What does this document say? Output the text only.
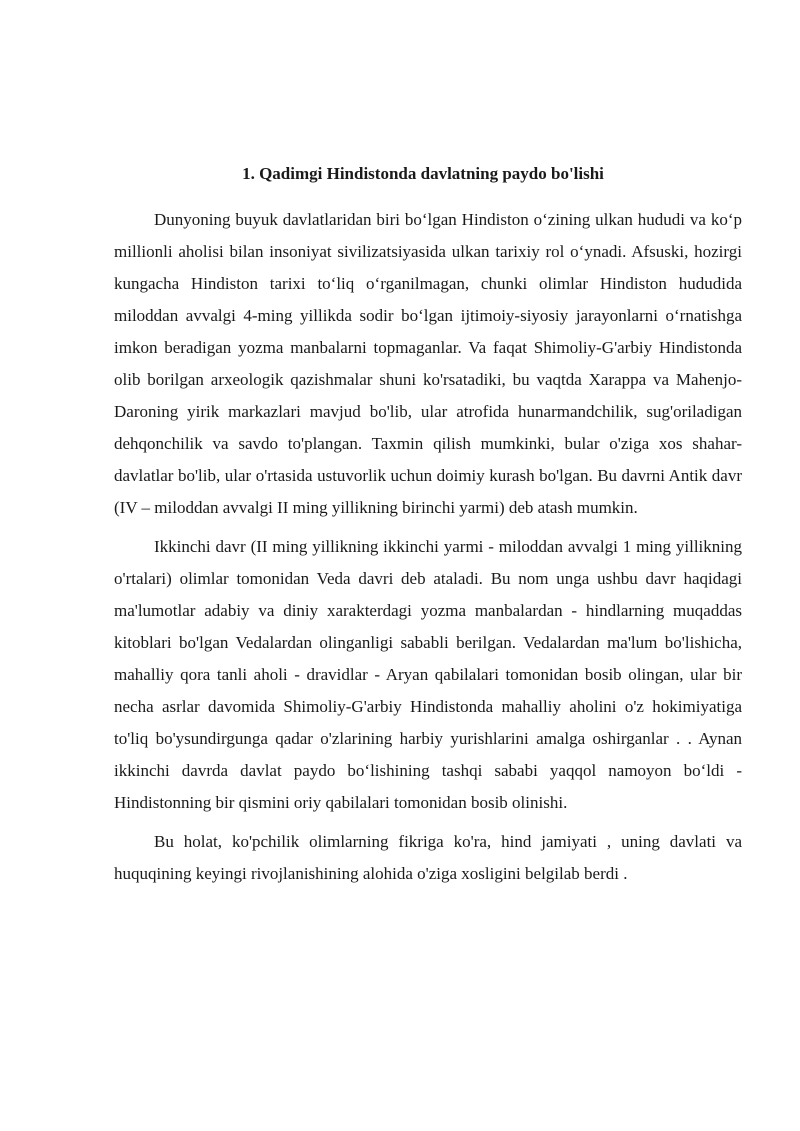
1. Qadimgi Hindistonda davlatning paydo bo'lishi

Dunyoning buyuk davlatlaridan biri bo‘lgan Hindiston o‘zining ulkan hududi va ko‘p millionli aholisi bilan insoniyat sivilizatsiyasida ulkan tarixiy rol o‘ynadi. Afsuski, hozirgi kungacha Hindiston tarixi to‘liq o‘rganilmagan, chunki olimlar Hindiston hududida miloddan avvalgi 4-ming yillikda sodir bo‘lgan ijtimoiy-siyosiy jarayonlarni o‘rnatishga imkon beradigan yozma manbalarni topmaganlar. Va faqat Shimoliy-G'arbiy Hindistonda olib borilgan arxeologik qazishmalar shuni ko'rsatadiki, bu vaqtda Xarappa va Mahenjo-Daroning yirik markazlari mavjud bo'lib, ular atrofida hunarmandchilik, sug'oriladigan dehqonchilik va savdo to'plangan. Taxmin qilish mumkinki, bular o'ziga xos shahar-davlatlar bo'lib, ular o'rtasida ustuvorlik uchun doimiy kurash bo'lgan. Bu davrni Antik davr (IV – miloddan avvalgi II ming yillikning birinchi yarmi) deb atash mumkin.

Ikkinchi davr (II ming yillikning ikkinchi yarmi - miloddan avvalgi 1 ming yillikning o'rtalari) olimlar tomonidan Veda davri deb ataladi. Bu nom unga ushbu davr haqidagi ma'lumotlar adabiy va diniy xarakterdagi yozma manbalardan - hindlarning muqaddas kitoblari bo'lgan Vedalardan olinganligi sababli berilgan. Vedalardan ma'lum bo'lishicha, mahalliy qora tanli aholi - dravidlar - Aryan qabilalari tomonidan bosib olingan, ular bir necha asrlar davomida Shimoliy-G'arbiy Hindistonda mahalliy aholini o'z hokimiyatiga to'liq bo'ysundirgunga qadar o'zlarining harbiy yurishlarini amalga oshirganlar . . Aynan ikkinchi davrda davlat paydo bo‘lishining tashqi sababi yaqqol namoyon bo‘ldi - Hindistonning bir qismini oriy qabilalari tomonidan bosib olinishi.

Bu holat, ko'pchilik olimlarning fikriga ko'ra, hind jamiyati , uning davlati va huquqining keyingi rivojlanishining alohida o'ziga xosligini belgilab berdi .
